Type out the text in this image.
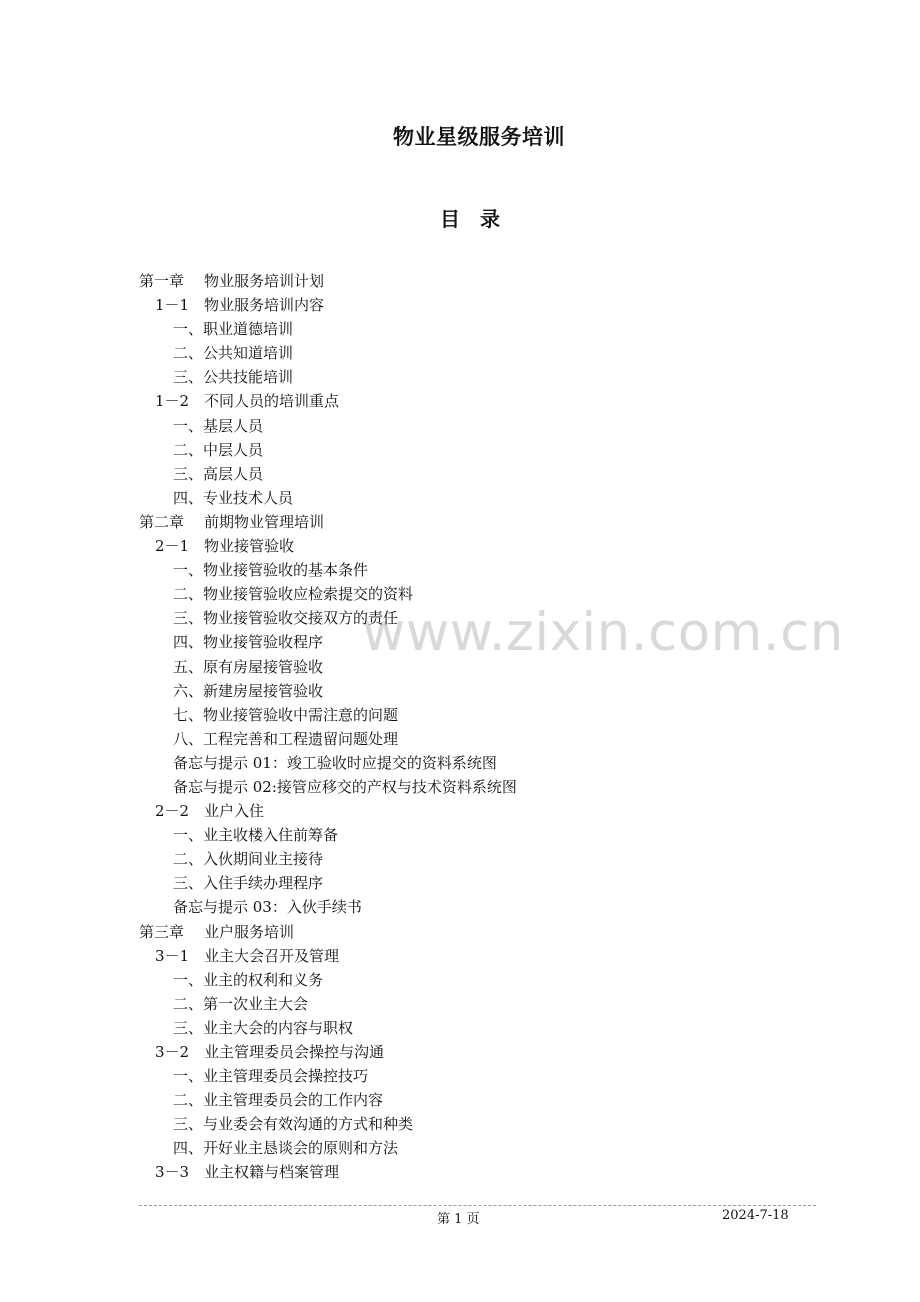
www.zixin.com.cn
物业星级服务培训
目录
第一章 物业服务培训计划
1－1 物业服务培训内容
一、职业道德培训
二、公共知道培训
三、公共技能培训
1－2 不同人员的培训重点
一、基层人员
二、中层人员
三、高层人员
四、专业技术人员
第二章 前期物业管理培训
2－1 物业接管验收
一、物业接管验收的基本条件
二、物业接管验收应检索提交的资料
三、物业接管验收交接双方的责任
四、物业接管验收程序
五、原有房屋接管验收
六、新建房屋接管验收
七、物业接管验收中需注意的问题
八、工程完善和工程遗留问题处理
备忘与提示 01：竣工验收时应提交的资料系统图
备忘与提示 02:接管应移交的产权与技术资料系统图
2－2 业户入住
一、业主收楼入住前筹备
二、入伙期间业主接待
三、入住手续办理程序
备忘与提示 03：入伙手续书
第三章 业户服务培训
3－1 业主大会召开及管理
一、业主的权利和义务
二、第一次业主大会
三、业主大会的内容与职权
3－2 业主管理委员会操控与沟通
一、业主管理委员会操控技巧
二、业主管理委员会的工作内容
三、与业委会有效沟通的方式和种类
四、开好业主恳谈会的原则和方法
3－3 业主权籍与档案管理
第 1 页	2024-7-18
